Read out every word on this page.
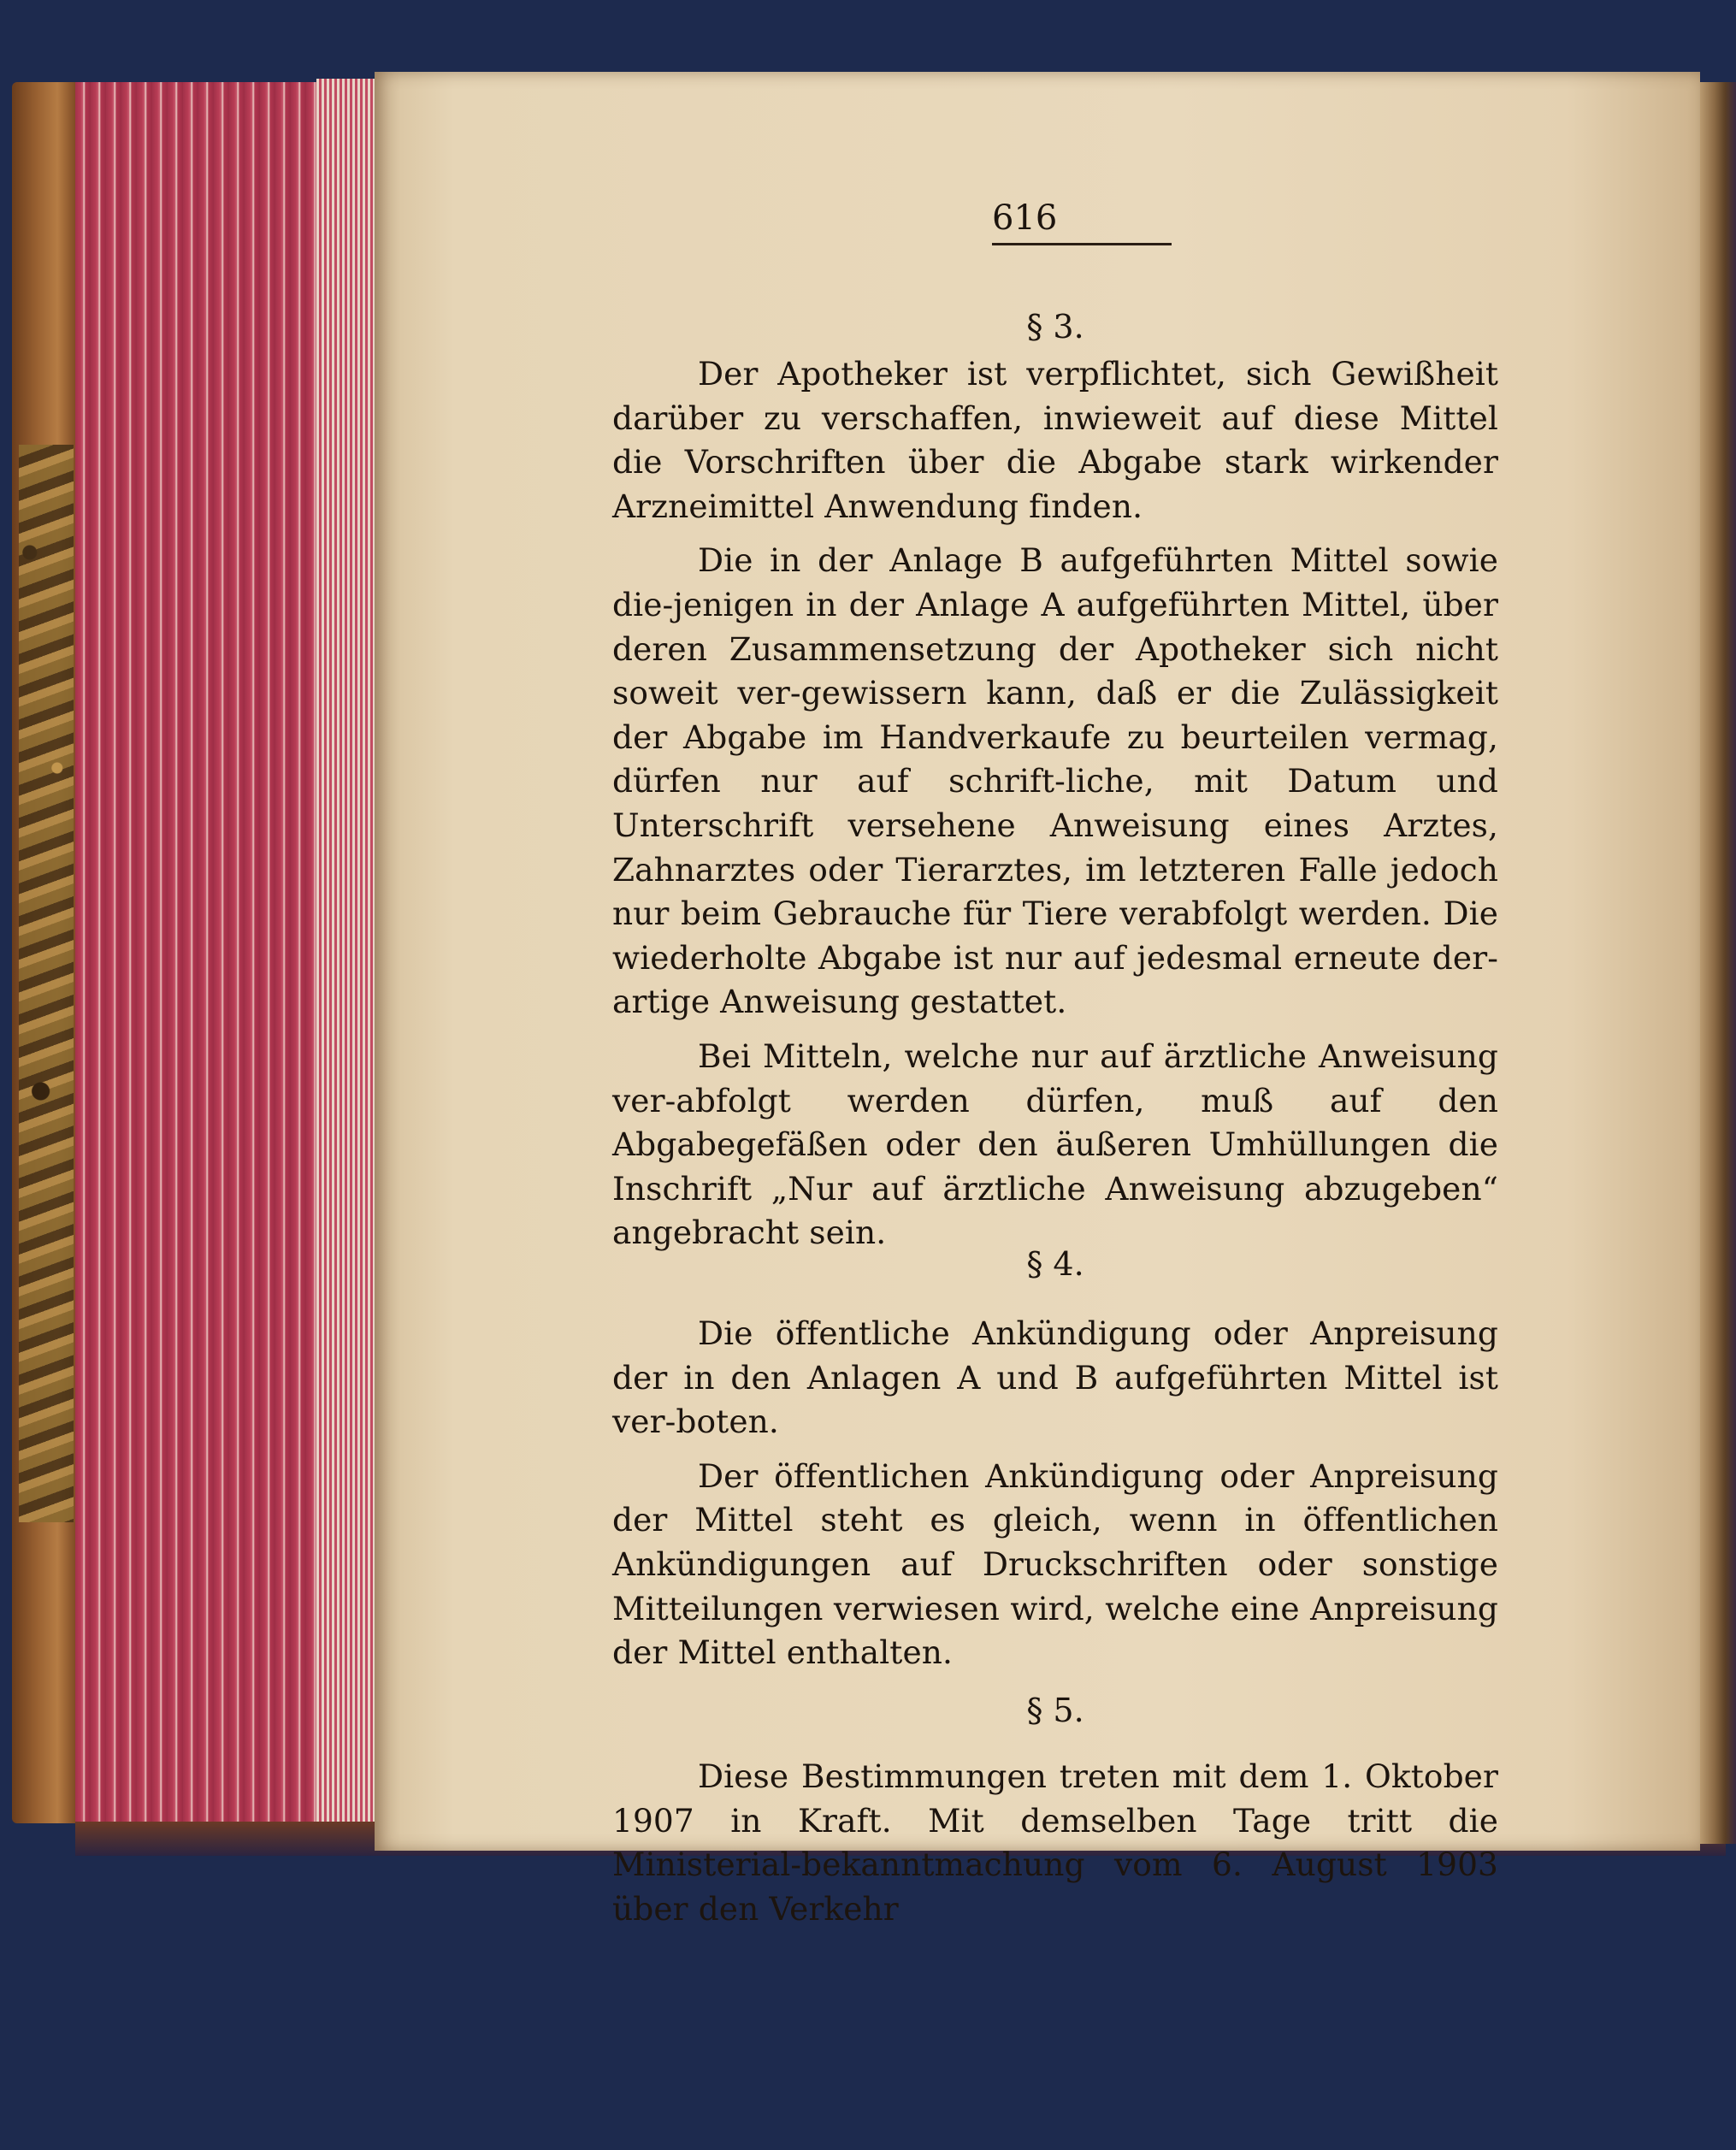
616
§ 3.

Der Apotheker ist verpflichtet, sich Gewißheit darüber zu verschaffen, inwieweit auf diese Mittel die Vorschriften über die Abgabe stark wirkender Arzneimittel Anwendung finden.

Die in der Anlage B aufgeführten Mittel sowie die-jenigen in der Anlage A aufgeführten Mittel, über deren Zusammensetzung der Apotheker sich nicht soweit ver-gewissern kann, daß er die Zulässigkeit der Abgabe im Handverkaufe zu beurteilen vermag, dürfen nur auf schrift-liche, mit Datum und Unterschrift versehene Anweisung eines Arztes, Zahnarztes oder Tierarztes, im letzteren Falle jedoch nur beim Gebrauche für Tiere verabfolgt werden. Die wiederholte Abgabe ist nur auf jedesmal erneute der-artige Anweisung gestattet.

Bei Mitteln, welche nur auf ärztliche Anweisung ver-abfolgt werden dürfen, muß auf den Abgabegefäßen oder den äußeren Umhüllungen die Inschrift „Nur auf ärztliche Anweisung abzugeben“ angebracht sein.

§ 4.

Die öffentliche Ankündigung oder Anpreisung der in den Anlagen A und B aufgeführten Mittel ist ver-boten.

Der öffentlichen Ankündigung oder Anpreisung der Mittel steht es gleich, wenn in öffentlichen Ankündigungen auf Druckschriften oder sonstige Mitteilungen verwiesen wird, welche eine Anpreisung der Mittel enthalten.

§ 5.

Diese Bestimmungen treten mit dem 1. Oktober 1907 in Kraft. Mit demselben Tage tritt die Ministerial-bekanntmachung vom 6. August 1903 über den Verkehr
